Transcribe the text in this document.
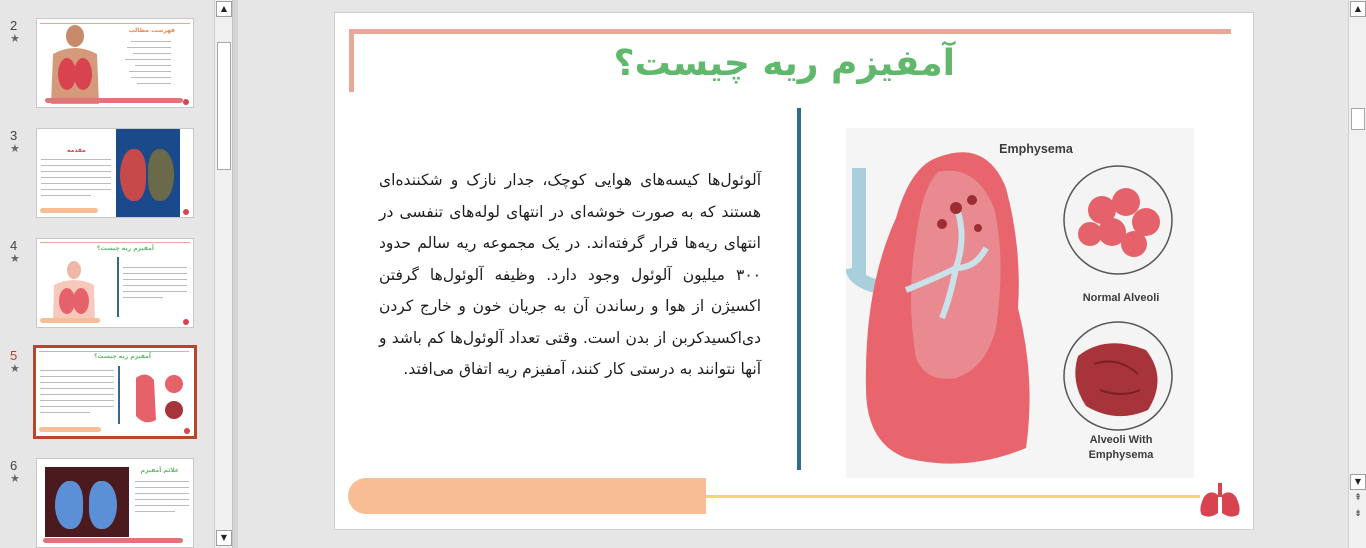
2
★
فهرست مطالب
3
★	مقدمه
4
★
آمفیزم ریه چیست؟
5
★
آمفیزم ریه چیست؟
6
★
علائم آمفیزم
▲
▼
آمفیزم ریه چیست؟
آلوئول‌ها کیسه‌های هوایی کوچک، جدار نازک و شکننده‌ای هستند که به صورت خوشه‌ای در انتهای لوله‌های تنفسی در انتهای ریه‌ها قرار گرفته‌اند. در یک مجموعه ریه سالم حدود ۳۰۰ میلیون آلوئول وجود دارد. وظیفه آلوئول‌ها گرفتن اکسیژن از هوا و رساندن آن به جریان خون و خارج کردن دی‌اکسیدکربن از بدن است. وقتی تعداد آلوئول‌ها کم باشد و آنها نتوانند به درستی کار کنند، آمفیزم ریه اتفاق می‌افتد.
Emphysema
Normal Alveoli
Alveoli With
Emphysema
▲
▼
⇞
⇟
